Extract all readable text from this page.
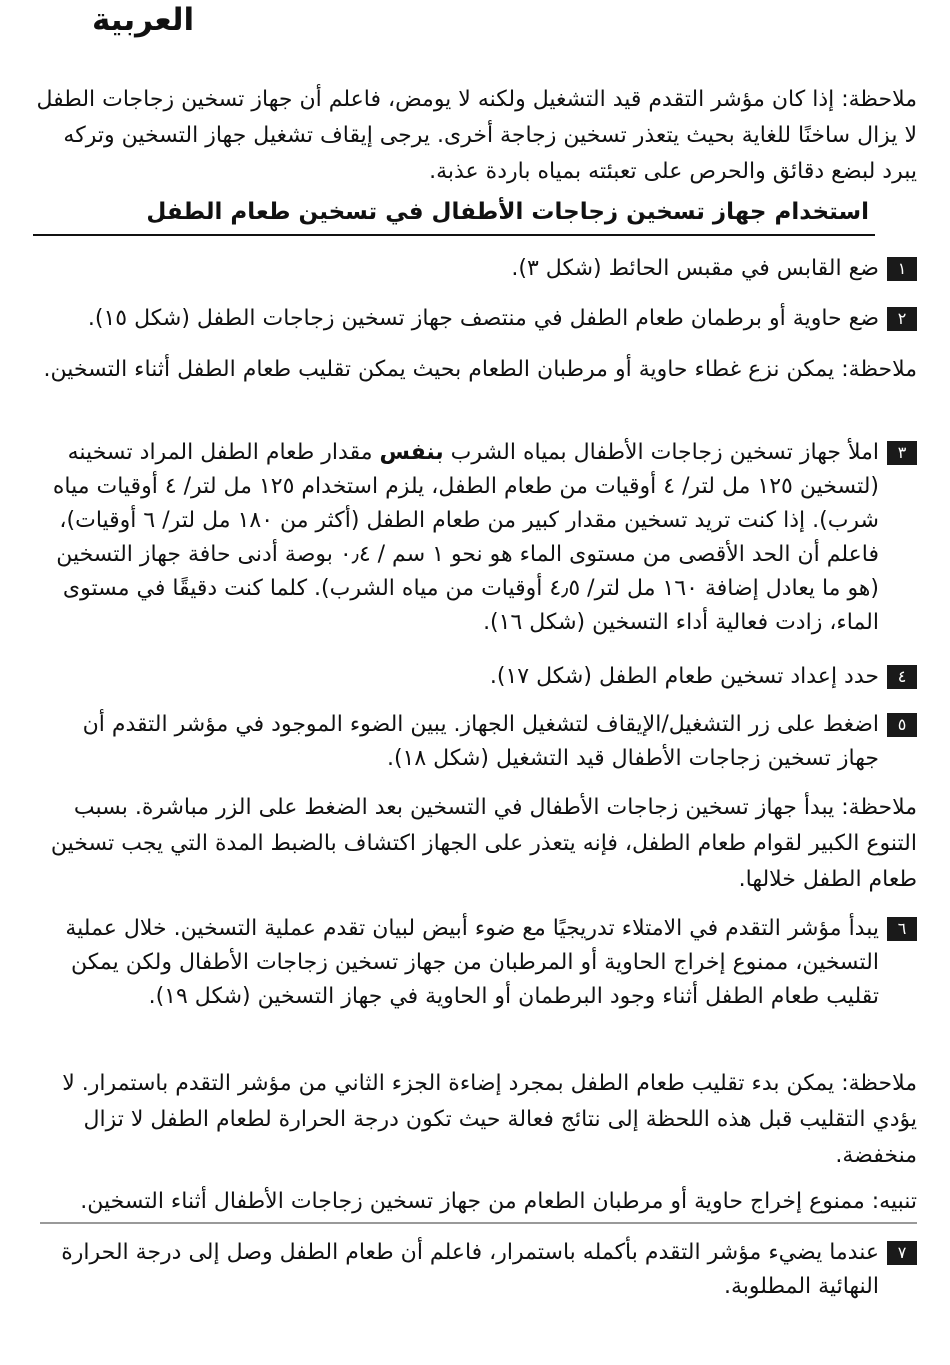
العربية

ملاحظة: إذا كان مؤشر التقدم قيد التشغيل ولكنه لا يومض، فاعلم أن جهاز تسخين زجاجات الطفل لا يزال ساخنًا للغاية بحيث يتعذر تسخين زجاجة أخرى. يرجى إيقاف تشغيل جهاز التسخين وتركه يبرد لبضع دقائق والحرص على تعبئته بمياه باردة عذبة.

استخدام جهاز تسخين زجاجات الأطفال في تسخين طعام الطفل
١
ضع القابس في مقبس الحائط (شكل ٣).
٢
ضع حاوية أو برطمان طعام الطفل في منتصف جهاز تسخين زجاجات الطفل (شكل ١٥).

ملاحظة: يمكن نزع غطاء حاوية أو مرطبان الطعام بحيث يمكن تقليب طعام الطفل أثناء التسخين.

٣
املأ جهاز تسخين زجاجات الأطفال بمياه الشرب بنفس مقدار طعام الطفل المراد تسخينه (لتسخين ١٢٥ مل لتر/ ٤ أوقيات من طعام الطفل، يلزم استخدام ١٢٥ مل لتر/ ٤ أوقيات مياه شرب). إذا كنت تريد تسخين مقدار كبير من طعام الطفل (أكثر من ١٨٠ مل لتر/ ٦ أوقيات)، فاعلم أن الحد الأقصى من مستوى الماء هو نحو ١ سم / ٠٫٤ بوصة أدنى حافة جهاز التسخين (هو ما يعادل إضافة ١٦٠ مل لتر/ ٤٫٥ أوقيات من مياه الشرب). كلما كنت دقيقًا في مستوى الماء، زادت فعالية أداء التسخين (شكل ١٦).
٤
حدد إعداد تسخين طعام الطفل (شكل ١٧).
٥
اضغط على زر التشغيل/الإيقاف لتشغيل الجهاز. يبين الضوء الموجود في مؤشر التقدم أن جهاز تسخين زجاجات الأطفال قيد التشغيل (شكل ١٨).

ملاحظة: يبدأ جهاز تسخين زجاجات الأطفال في التسخين بعد الضغط على الزر مباشرة. بسبب التنوع الكبير لقوام طعام الطفل، فإنه يتعذر على الجهاز اكتشاف بالضبط المدة التي يجب تسخين طعام الطفل خلالها.

٦
يبدأ مؤشر التقدم في الامتلاء تدريجيًا مع ضوء أبيض لبيان تقدم عملية التسخين. خلال عملية التسخين، ممنوع إخراج الحاوية أو المرطبان من جهاز تسخين زجاجات الأطفال ولكن يمكن تقليب طعام الطفل أثناء وجود البرطمان أو الحاوية في جهاز التسخين (شكل ١٩).

ملاحظة: يمكن بدء تقليب طعام الطفل بمجرد إضاءة الجزء الثاني من مؤشر التقدم باستمرار. لا يؤدي التقليب قبل هذه اللحظة إلى نتائج فعالة حيث تكون درجة الحرارة لطعام الطفل لا تزال منخفضة.

تنبيه: ممنوع إخراج حاوية أو مرطبان الطعام من جهاز تسخين زجاجات الأطفال أثناء التسخين.
٧
عندما يضيء مؤشر التقدم بأكمله باستمرار، فاعلم أن طعام الطفل وصل إلى درجة الحرارة النهائية المطلوبة.
